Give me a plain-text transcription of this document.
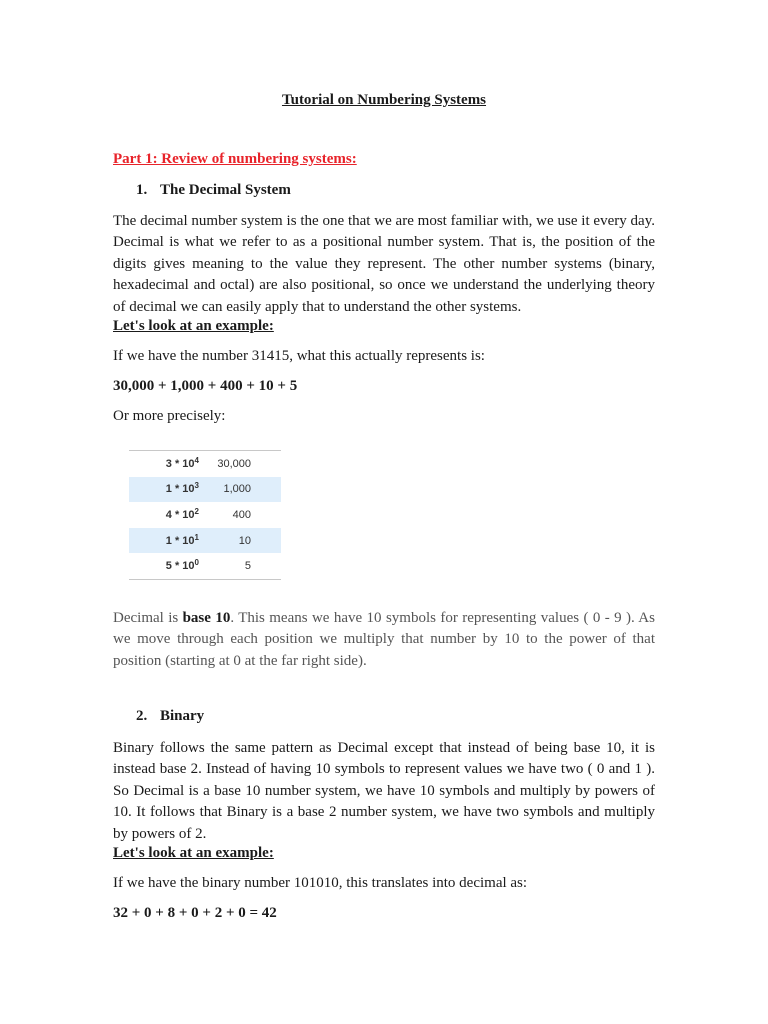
Tutorial on Numbering Systems
Part 1: Review of numbering systems:
1. The Decimal System
The decimal number system is the one that we are most familiar with, we use it every day. Decimal is what we refer to as a positional number system. That is, the position of the digits gives meaning to the value they represent. The other number systems (binary, hexadecimal and octal) are also positional, so once we understand the underlying theory of decimal we can easily apply that to understand the other systems.
Let's look at an example:
If we have the number 31415, what this actually represents is:
30,000 + 1,000 + 400 + 10 + 5
Or more precisely:
$3 * 10^4$	30,000
$1 * 10^3$	1,000
$4 * 10^2$	400
$1 * 10^1$	10
$5 * 10^0$	5
Decimal is base 10. This means we have 10 symbols for representing values ( 0 - 9 ). As we move through each position we multiply that number by 10 to the power of that position (starting at 0 at the far right side).
2. Binary
Binary follows the same pattern as Decimal except that instead of being base 10, it is instead base 2. Instead of having 10 symbols to represent values we have two ( 0 and 1 ). So Decimal is a base 10 number system, we have 10 symbols and multiply by powers of 10. It follows that Binary is a base 2 number system, we have two symbols and multiply by powers of 2.
Let's look at an example:
If we have the binary number 101010, this translates into decimal as:
32 + 0 + 8 + 0 + 2 + 0 = 42
